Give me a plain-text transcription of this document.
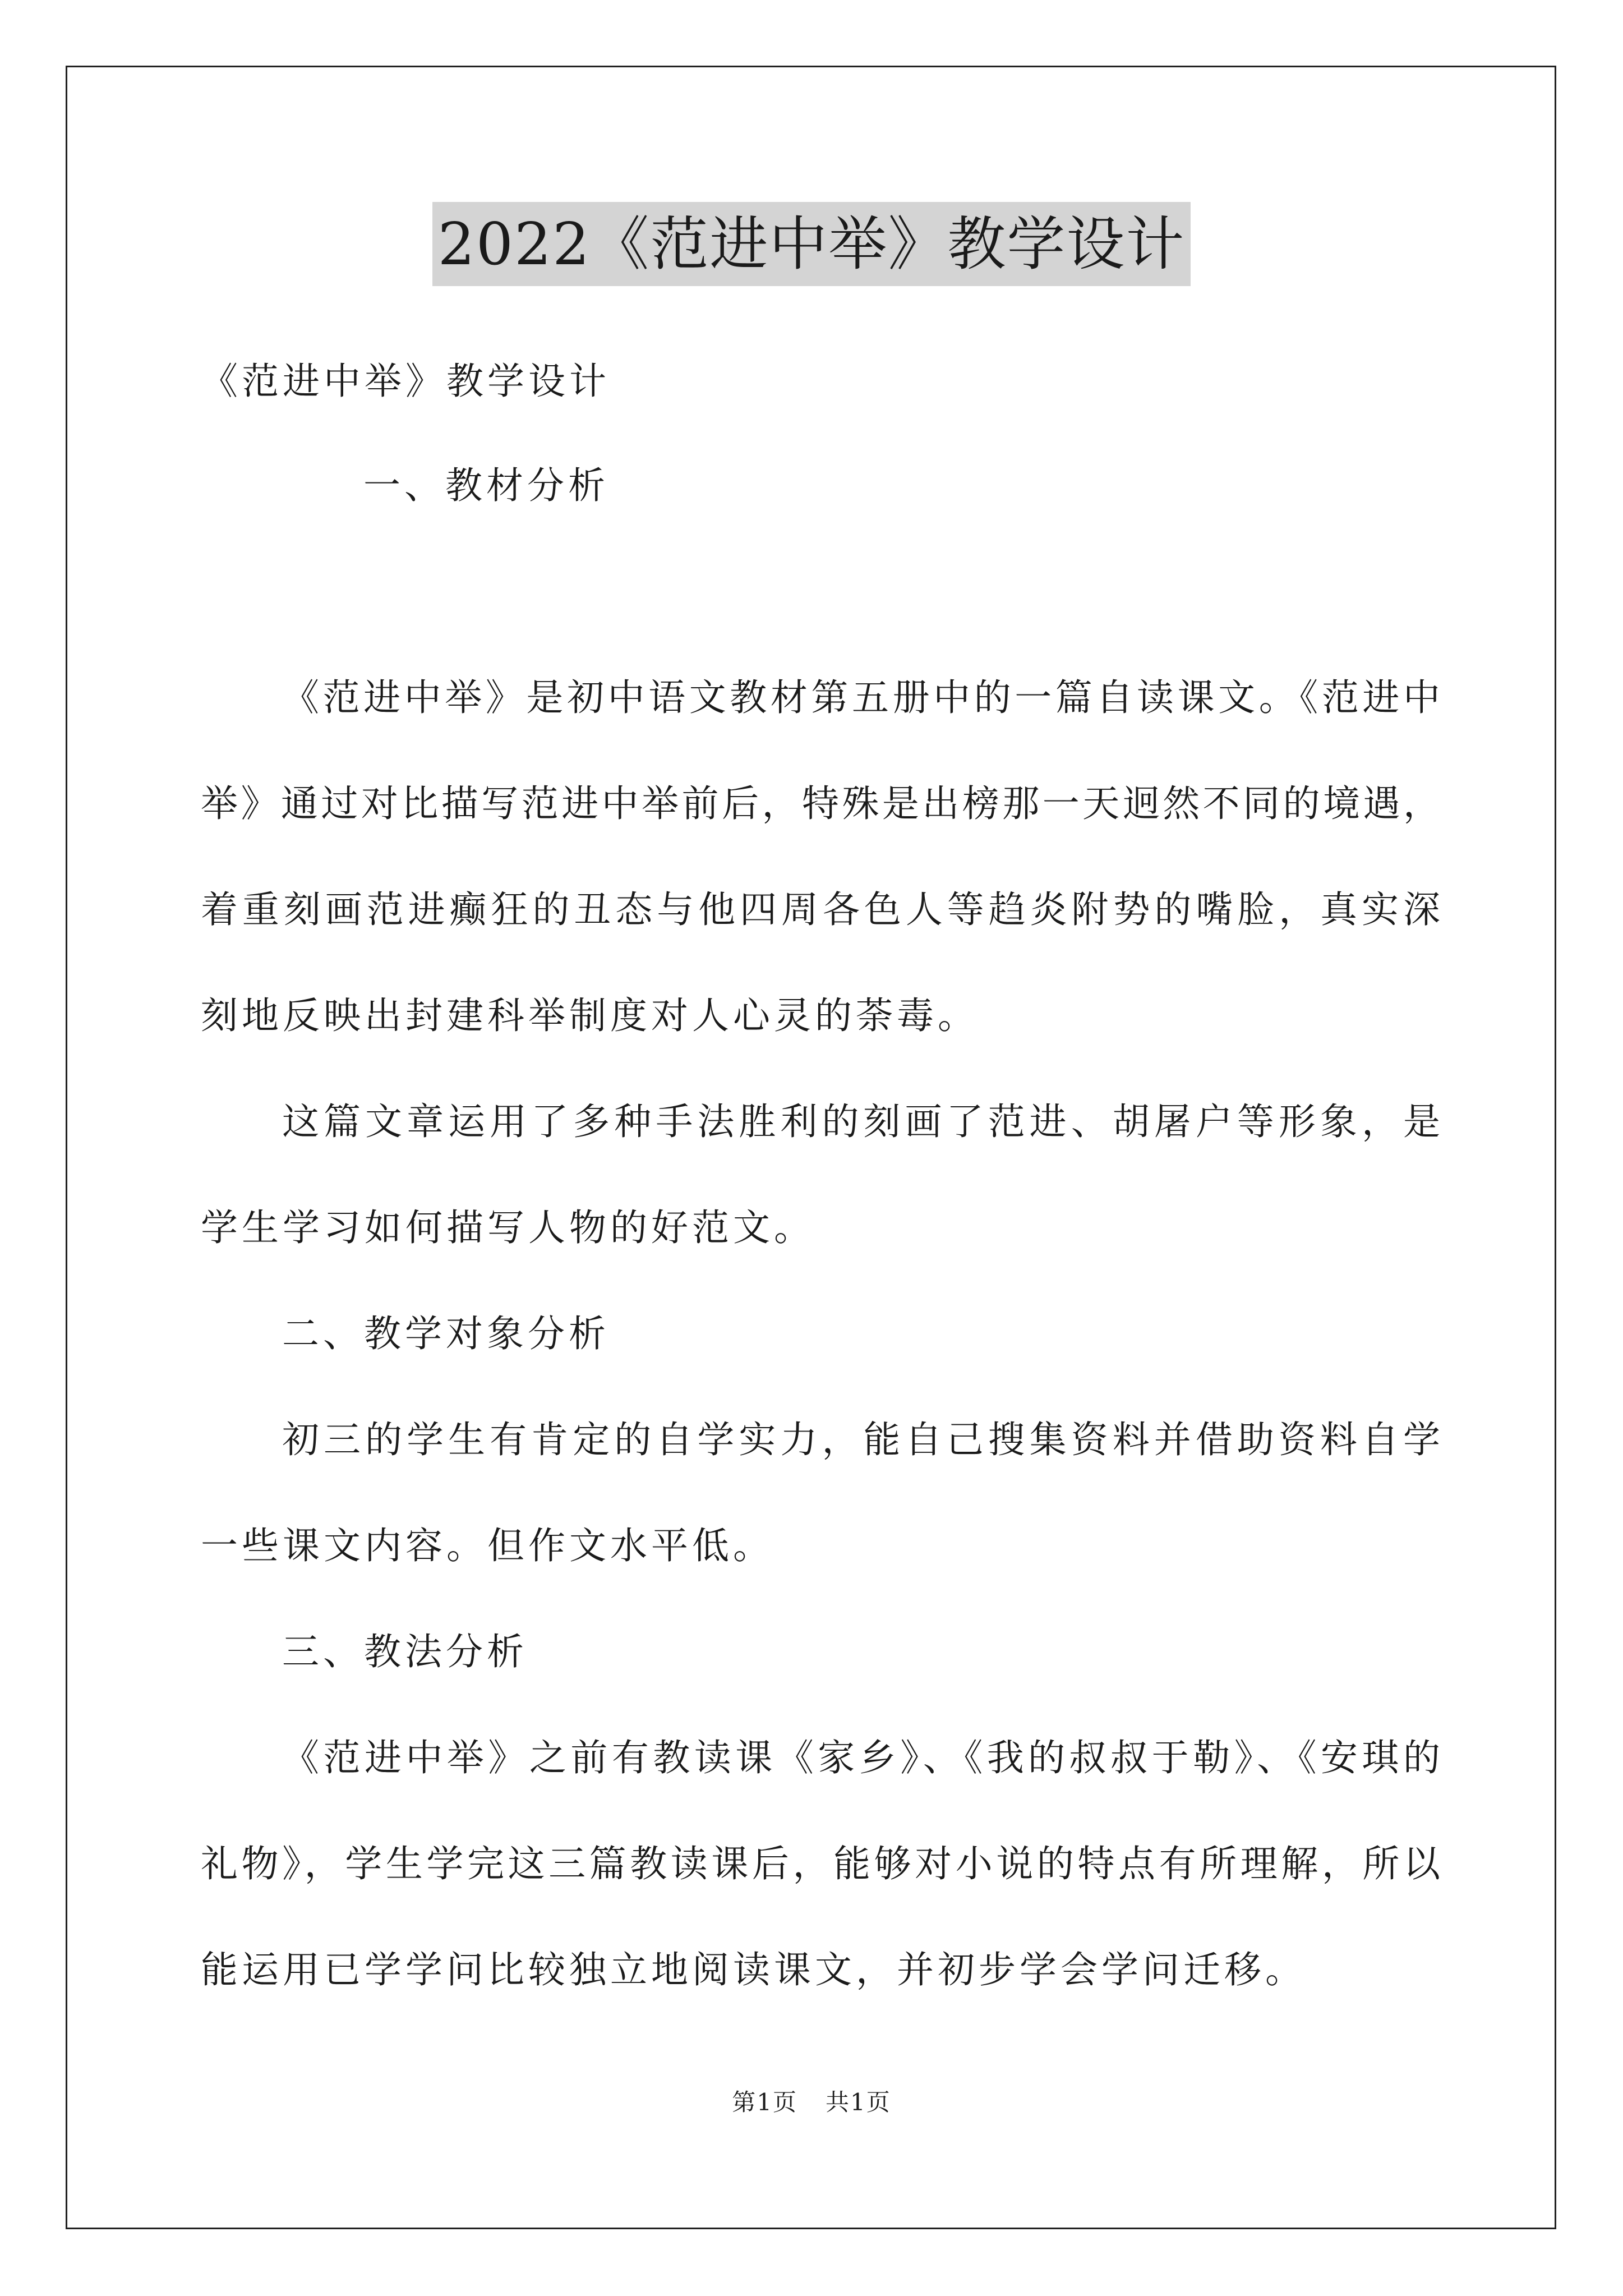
2022《范进中举》教学设计
《范进中举》教学设计
一、教材分析
《范进中举》是初中语文教材第五册中的一篇自读课文。《范进中
举》通过对比描写范进中举前后，特殊是出榜那一天迥然不同的境遇，
着重刻画范进癫狂的丑态与他四周各色人等趋炎附势的嘴脸，真实深
刻地反映出封建科举制度对人心灵的荼毒。
这篇文章运用了多种手法胜利的刻画了范进、胡屠户等形象，是
学生学习如何描写人物的好范文。
二、教学对象分析
初三的学生有肯定的自学实力，能自己搜集资料并借助资料自学
一些课文内容。但作文水平低。
三、教法分析
《范进中举》之前有教读课《家乡》、《我的叔叔于勒》、《安琪的
礼物》，学生学完这三篇教读课后，能够对小说的特点有所理解，所以
能运用已学学问比较独立地阅读课文，并初步学会学问迁移。
第1页 共1页
